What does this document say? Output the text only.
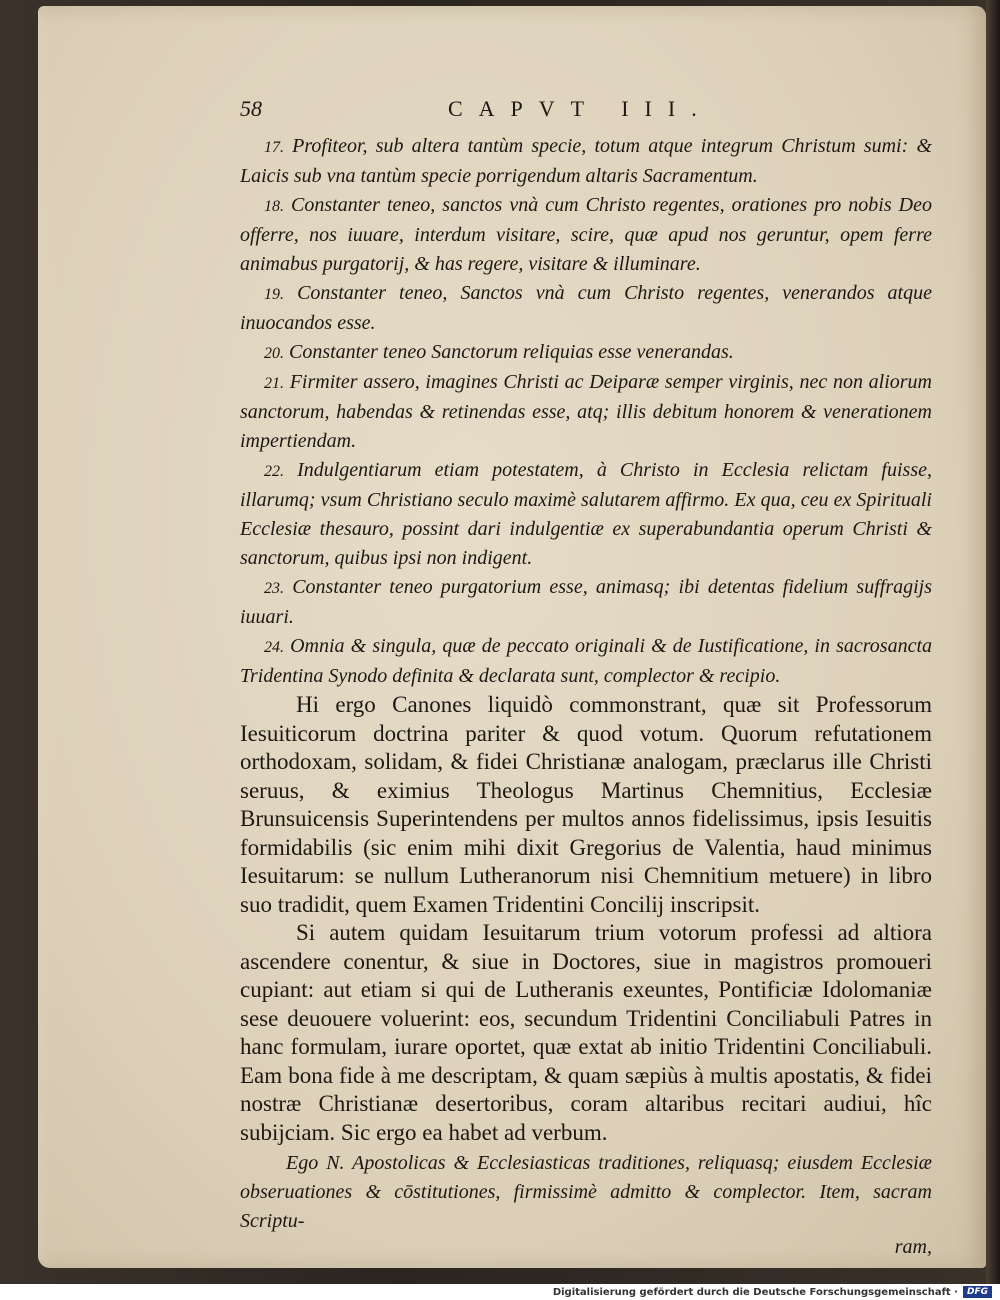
58	CAPVT III.

17. Profiteor, sub altera tantùm specie, totum atque integrum Christum sumi: & Laicis sub vna tantùm specie porrigendum altaris Sacramentum.

18. Constanter teneo, sanctos vnà cum Christo regentes, orationes pro nobis Deo offerre, nos iuuare, interdum visitare, scire, quæ apud nos geruntur, opem ferre animabus purgatorij, & has regere, visitare & illuminare.

19. Constanter teneo, Sanctos vnà cum Christo regentes, venerandos atque inuocandos esse.

20. Constanter teneo Sanctorum reliquias esse venerandas.

21. Firmiter assero, imagines Christi ac Deiparæ semper virginis, nec non aliorum sanctorum, habendas & retinendas esse, atq; illis debitum honorem & venerationem impertiendam.

22. Indulgentiarum etiam potestatem, à Christo in Ecclesia relictam fuisse, illarumq; vsum Christiano seculo maximè salutarem affirmo. Ex qua, ceu ex Spirituali Ecclesiæ thesauro, possint dari indulgentiæ ex superabundantia operum Christi & sanctorum, quibus ipsi non indigent.

23. Constanter teneo purgatorium esse, animasq; ibi detentas fidelium suffragijs iuuari.

24. Omnia & singula, quæ de peccato originali & de Iustificatione, in sacrosancta Tridentina Synodo definita & declarata sunt, complector & recipio.

Hi ergo Canones liquidò commonstrant, quæ sit Professorum Iesuiticorum doctrina pariter & quod votum. Quorum refutationem orthodoxam, solidam, & fidei Christianæ analogam, præclarus ille Christi seruus, & eximius Theologus Martinus Chemnitius, Ecclesiæ Brunsuicensis Superintendens per multos annos fidelissimus, ipsis Iesuitis formidabilis (sic enim mihi dixit Gregorius de Valentia, haud minimus Iesuitarum: se nullum Lutheranorum nisi Chemnitium metuere) in libro suo tradidit, quem Examen Tridentini Concilij inscripsit.

Si autem quidam Iesuitarum trium votorum professi ad altiora ascendere conentur, & siue in Doctores, siue in magistros promoueri cupiant: aut etiam si qui de Lutheranis exeuntes, Pontificiæ Idolomaniæ sese deuouere voluerint: eos, secundum Tridentini Conciliabuli Patres in hanc formulam, iurare oportet, quæ extat ab initio Tridentini Conciliabuli. Eam bona fide à me descriptam, & quam sæpiùs à multis apostatis, & fidei nostræ Christianæ desertoribus, coram altaribus recitari audiui, hîc subijciam. Sic ergo ea habet ad verbum.

Ego N. Apostolicas & Ecclesiasticas traditiones, reliquasq; eiusdem Ecclesiæ obseruationes & cōstitutiones, firmissimè admitto & complector. Item, sacram Scriptu-

ram,

Digitalisierung gefördert durch die Deutsche Forschungsgemeinschaft ·	DFG
